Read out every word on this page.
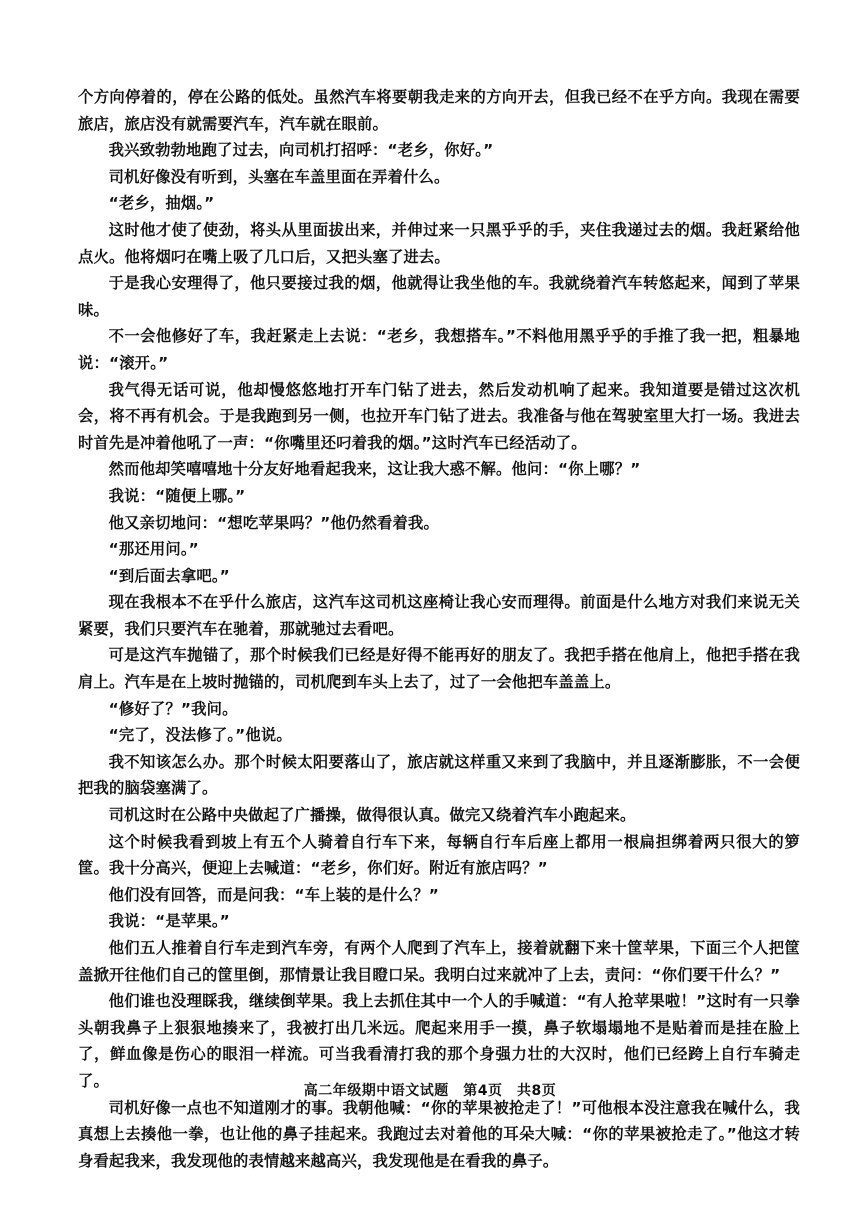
个方向停着的，停在公路的低处。虽然汽车将要朝我走来的方向开去，但我已经不在乎方向。我现在需要旅店，旅店没有就需要汽车，汽车就在眼前。

我兴致勃勃地跑了过去，向司机打招呼：“老乡，你好。”

司机好像没有听到，头塞在车盖里面在弄着什么。

“老乡，抽烟。”

这时他才使了使劲，将头从里面拔出来，并伸过来一只黑乎乎的手，夹住我递过去的烟。我赶紧给他点火。他将烟叼在嘴上吸了几口后，又把头塞了进去。

于是我心安理得了，他只要接过我的烟，他就得让我坐他的车。我就绕着汽车转悠起来，闻到了苹果味。

不一会他修好了车，我赶紧走上去说：“老乡，我想搭车。”不料他用黑乎乎的手推了我一把，粗暴地说：“滚开。”

我气得无话可说，他却慢悠悠地打开车门钻了进去，然后发动机响了起来。我知道要是错过这次机会，将不再有机会。于是我跑到另一侧，也拉开车门钻了进去。我准备与他在驾驶室里大打一场。我进去时首先是冲着他吼了一声：“你嘴里还叼着我的烟。”这时汽车已经活动了。

然而他却笑嘻嘻地十分友好地看起我来，这让我大惑不解。他问：“你上哪？”

我说：“随便上哪。”

他又亲切地问：“想吃苹果吗？”他仍然看着我。

“那还用问。”

“到后面去拿吧。”

现在我根本不在乎什么旅店，这汽车这司机这座椅让我心安而理得。前面是什么地方对我们来说无关紧要，我们只要汽车在驰着，那就驰过去看吧。

可是这汽车抛锚了，那个时候我们已经是好得不能再好的朋友了。我把手搭在他肩上，他把手搭在我肩上。汽车是在上坡时抛锚的，司机爬到车头上去了，过了一会他把车盖盖上。

“修好了？”我问。

“完了，没法修了。”他说。

我不知该怎么办。那个时候太阳要落山了，旅店就这样重又来到了我脑中，并且逐渐膨胀，不一会便把我的脑袋塞满了。

司机这时在公路中央做起了广播操，做得很认真。做完又绕着汽车小跑起来。

这个时候我看到坡上有五个人骑着自行车下来，每辆自行车后座上都用一根扁担绑着两只很大的箩筐。我十分高兴，便迎上去喊道：“老乡，你们好。附近有旅店吗？”

他们没有回答，而是问我：“车上装的是什么？”

我说：“是苹果。”

他们五人推着自行车走到汽车旁，有两个人爬到了汽车上，接着就翻下来十筐苹果，下面三个人把筐盖掀开往他们自己的筐里倒，那情景让我目瞪口呆。我明白过来就冲了上去，责问：“你们要干什么？”

他们谁也没理睬我，继续倒苹果。我上去抓住其中一个人的手喊道：“有人抢苹果啦！”这时有一只拳头朝我鼻子上狠狠地揍来了，我被打出几米远。爬起来用手一摸，鼻子软塌塌地不是贴着而是挂在脸上了，鲜血像是伤心的眼泪一样流。可当我看清打我的那个身强力壮的大汉时，他们已经跨上自行车骑走了。

司机好像一点也不知道刚才的事。我朝他喊：“你的苹果被抢走了！”可他根本没注意我在喊什么，我真想上去揍他一拳，也让他的鼻子挂起来。我跑过去对着他的耳朵大喊：“你的苹果被抢走了。”他这才转身看起我来，我发现他的表情越来越高兴，我发现他是在看我的鼻子。

高二年级期中语文试题　第4页　共8页
